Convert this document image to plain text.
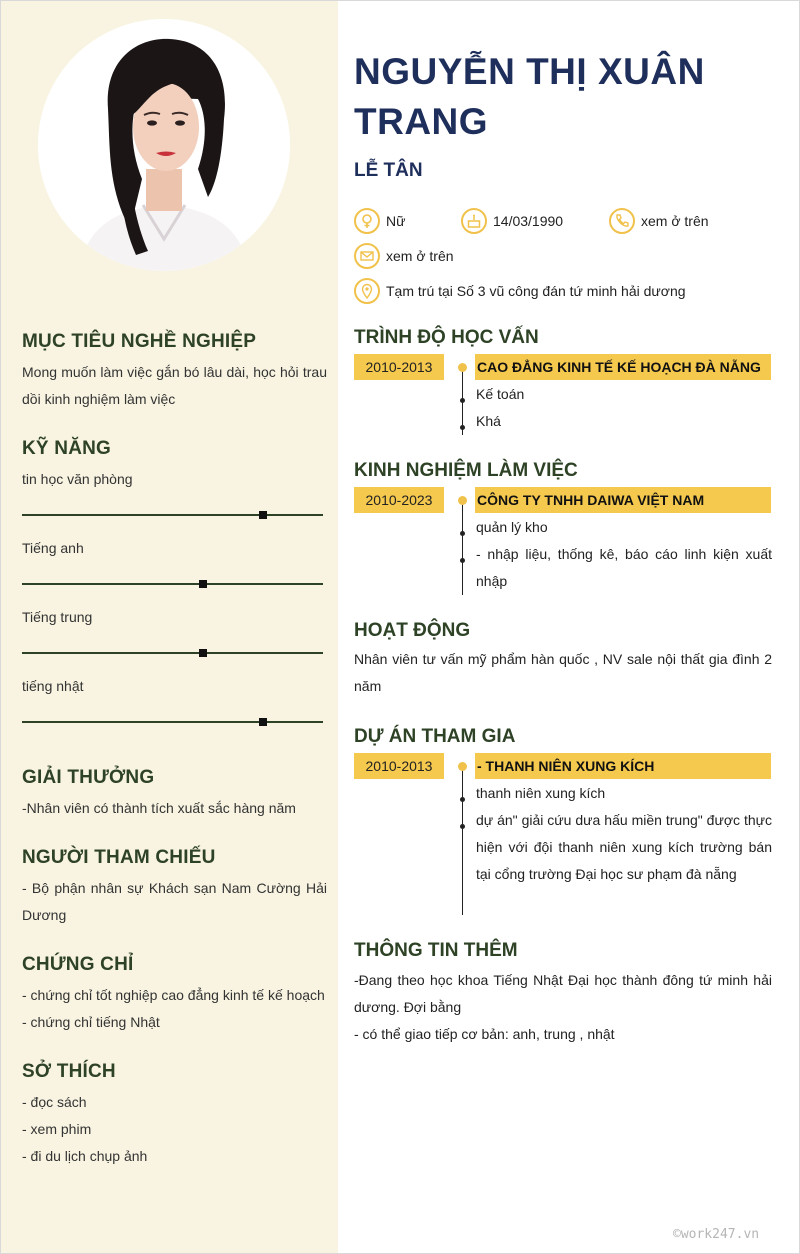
MỤC TIÊU NGHỀ NGHIỆP
Mong muốn làm việc gắn bó lâu dài, học hỏi trau dồi kinh nghiệm làm việc
KỸ NĂNG
tin học văn phòng
Tiếng anh
Tiếng trung
tiếng nhật
GIẢI THƯỞNG
-Nhân viên có thành tích xuất sắc hàng năm
NGƯỜI THAM CHIẾU
- Bộ phận nhân sự Khách sạn Nam Cường Hải Dương
CHỨNG CHỈ
- chứng chỉ tốt nghiệp cao đẳng kinh tế kế hoạch
- chứng chỉ tiếng Nhật
SỞ THÍCH
- đọc sách
- xem phim
- đi du lịch chụp ảnh
NGUYỄN THỊ XUÂN TRANG
LỄ TÂN
Nữ	14/03/1990	xem ở trên
xem ở trên
Tạm trú tại Số 3 vũ công đán tứ minh hải dương
TRÌNH ĐỘ HỌC VẤN
2010-2013	CAO ĐẲNG KINH TẾ KẾ HOẠCH ĐÀ NẴNG
Kế toán
Khá
KINH NGHIỆM LÀM VIỆC
2010-2023	CÔNG TY TNHH DAIWA VIỆT NAM
quản lý kho
- nhập liệu, thống kê, báo cáo linh kiện xuất nhập
HOẠT ĐỘNG
Nhân viên tư vấn mỹ phẩm hàn quốc , NV sale nội thất gia đình 2 năm
DỰ ÁN THAM GIA
2010-2013	- THANH NIÊN XUNG KÍCH
thanh niên xung kích
dự án" giải cứu dưa hấu miền trung" được thực hiện với đội thanh niên xung kích trường bán tại cổng trường Đại học sư phạm đà nẵng
THÔNG TIN THÊM
-Đang theo học khoa Tiếng Nhật Đại học thành đông tứ minh hải dương. Đợi bằng
- có thể giao tiếp cơ bản: anh, trung , nhật
©work247.vn
